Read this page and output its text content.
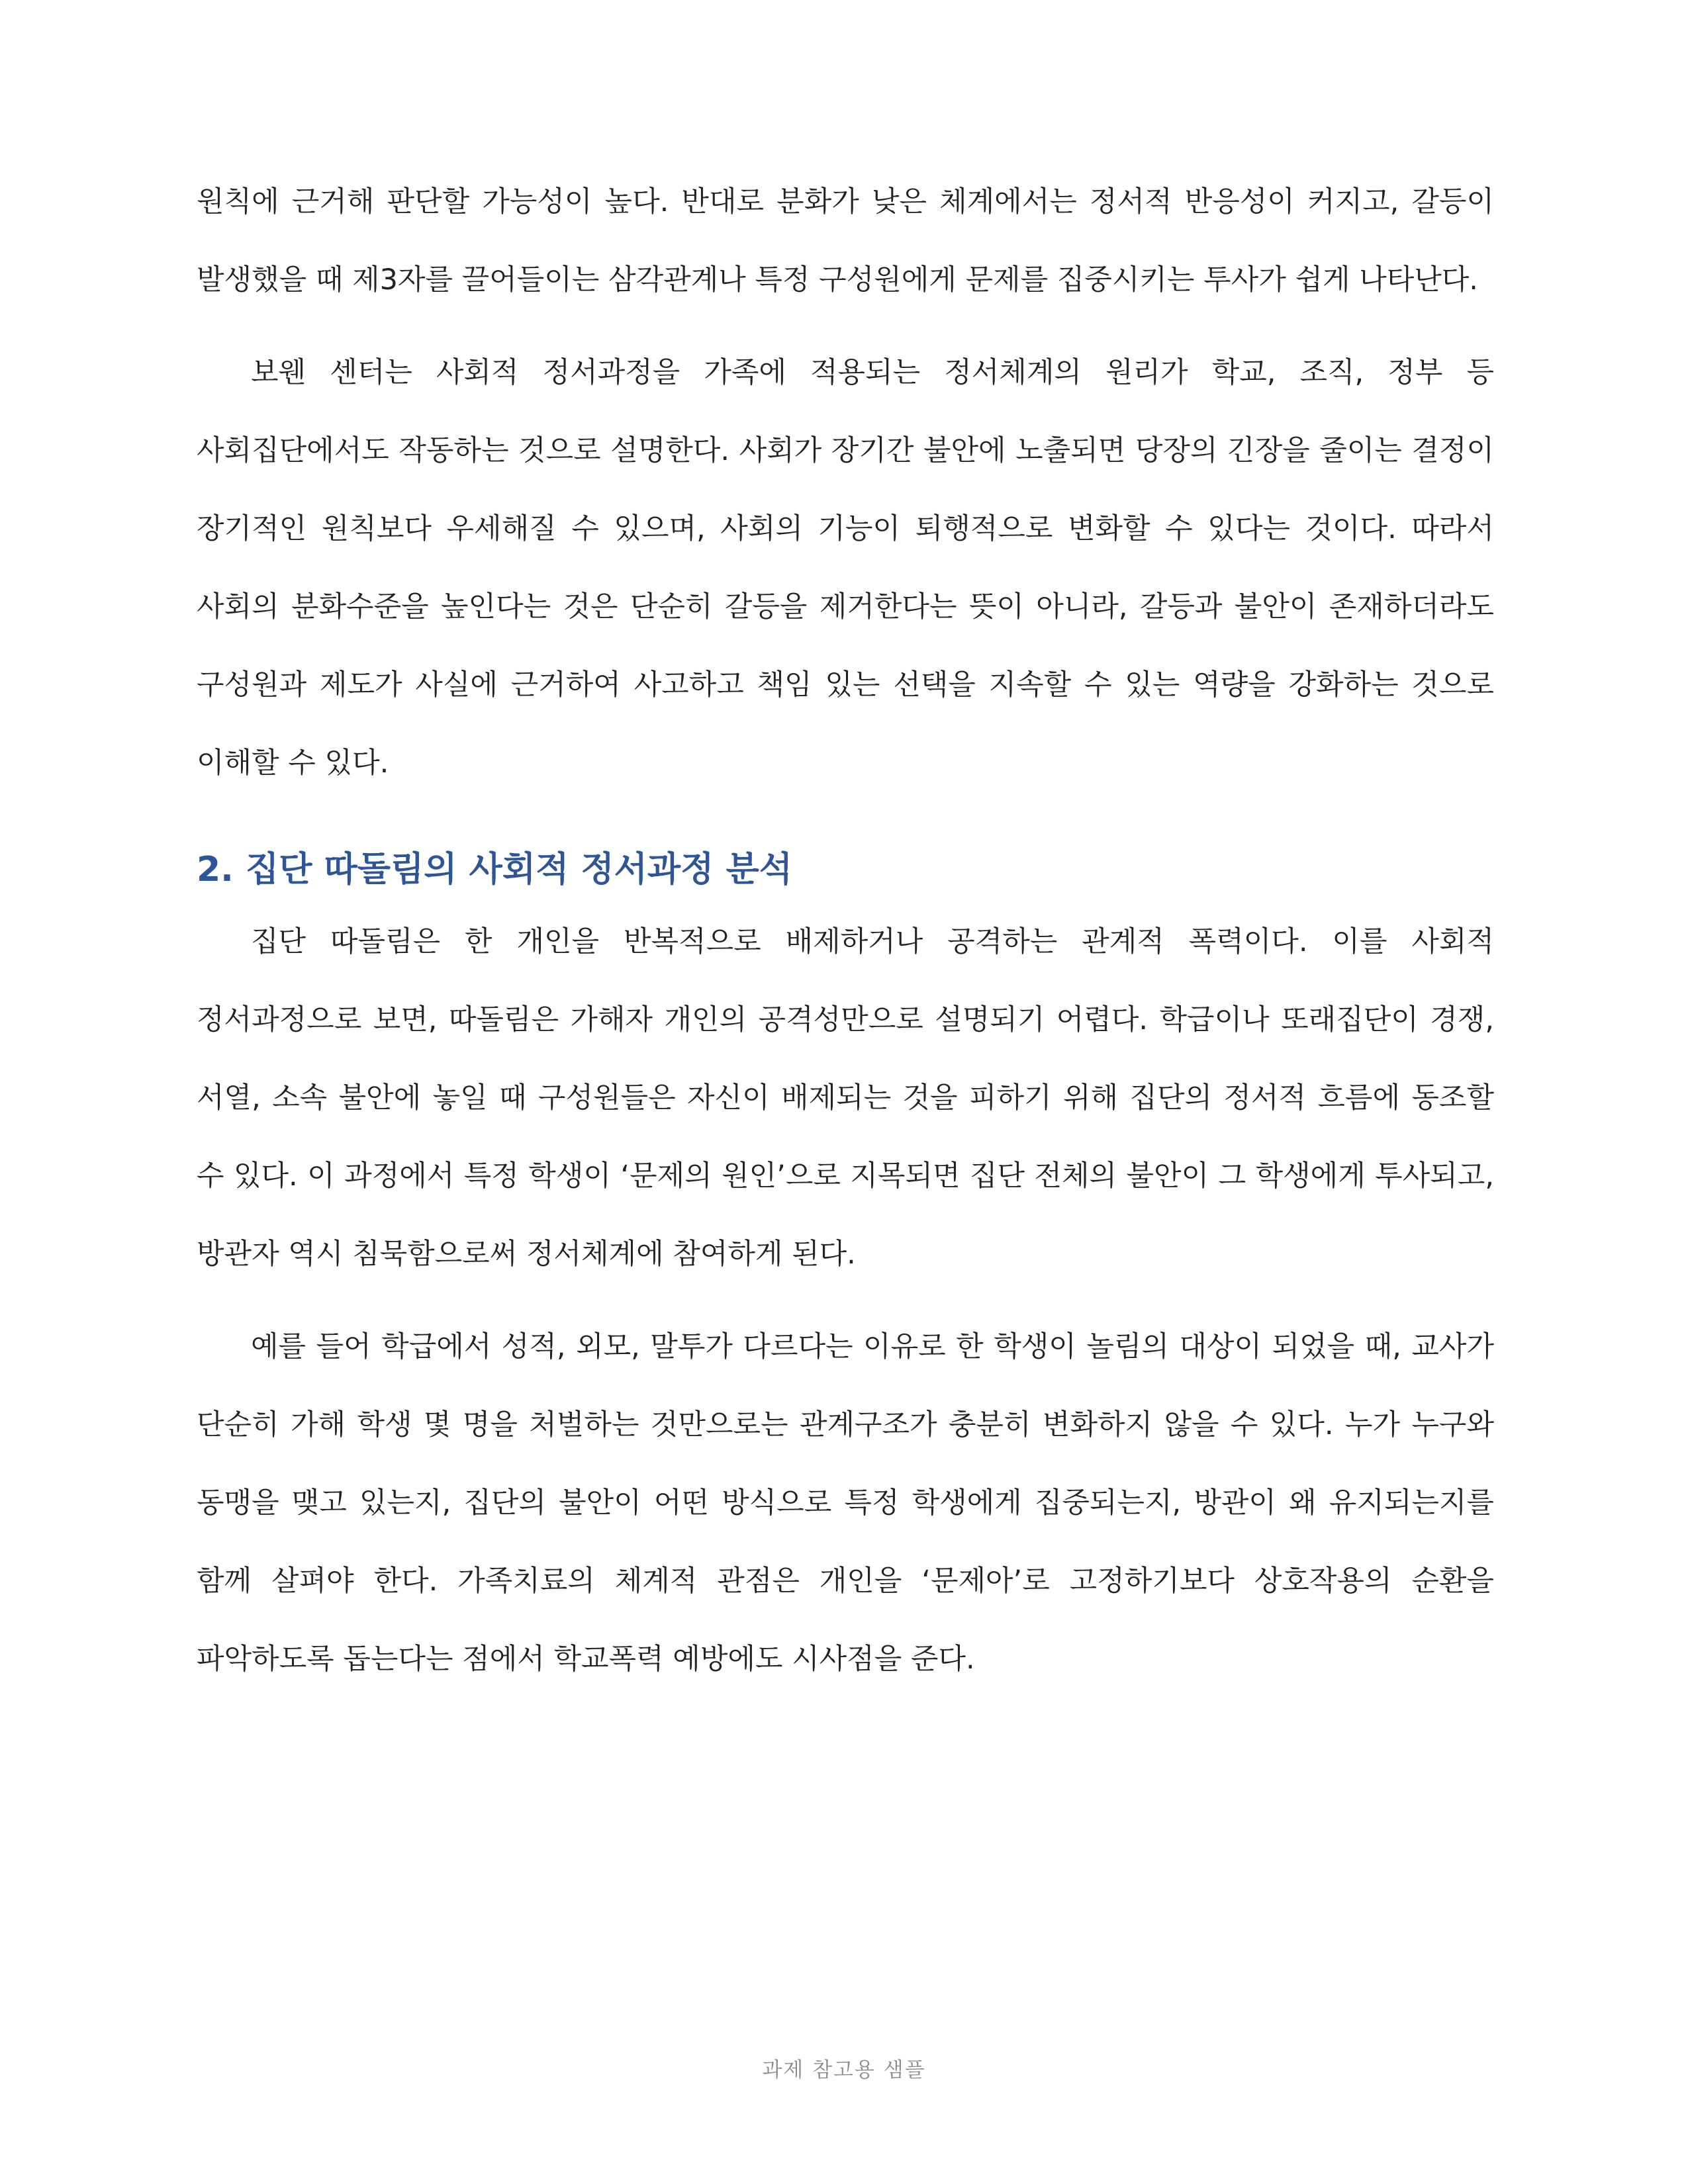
원칙에 근거해 판단할 가능성이 높다. 반대로 분화가 낮은 체계에서는 정서적 반응성이 커지고, 갈등이 발생했을 때 제3자를 끌어들이는 삼각관계나 특정 구성원에게 문제를 집중시키는 투사가 쉽게 나타난다.

보웬 센터는 사회적 정서과정을 가족에 적용되는 정서체계의 원리가 학교, 조직, 정부 등 사회집단에서도 작동하는 것으로 설명한다. 사회가 장기간 불안에 노출되면 당장의 긴장을 줄이는 결정이 장기적인 원칙보다 우세해질 수 있으며, 사회의 기능이 퇴행적으로 변화할 수 있다는 것이다. 따라서 사회의 분화수준을 높인다는 것은 단순히 갈등을 제거한다는 뜻이 아니라, 갈등과 불안이 존재하더라도 구성원과 제도가 사실에 근거하여 사고하고 책임 있는 선택을 지속할 수 있는 역량을 강화하는 것으로 이해할 수 있다.

2. 집단 따돌림의 사회적 정서과정 분석

집단 따돌림은 한 개인을 반복적으로 배제하거나 공격하는 관계적 폭력이다. 이를 사회적 정서과정으로 보면, 따돌림은 가해자 개인의 공격성만으로 설명되기 어렵다. 학급이나 또래집단이 경쟁, 서열, 소속 불안에 놓일 때 구성원들은 자신이 배제되는 것을 피하기 위해 집단의 정서적 흐름에 동조할 수 있다. 이 과정에서 특정 학생이 ‘문제의 원인’으로 지목되면 집단 전체의 불안이 그 학생에게 투사되고, 방관자 역시 침묵함으로써 정서체계에 참여하게 된다.

예를 들어 학급에서 성적, 외모, 말투가 다르다는 이유로 한 학생이 놀림의 대상이 되었을 때, 교사가 단순히 가해 학생 몇 명을 처벌하는 것만으로는 관계구조가 충분히 변화하지 않을 수 있다. 누가 누구와 동맹을 맺고 있는지, 집단의 불안이 어떤 방식으로 특정 학생에게 집중되는지, 방관이 왜 유지되는지를 함께 살펴야 한다. 가족치료의 체계적 관점은 개인을 ‘문제아’로 고정하기보다 상호작용의 순환을 파악하도록 돕는다는 점에서 학교폭력 예방에도 시사점을 준다.

과제 참고용 샘플
